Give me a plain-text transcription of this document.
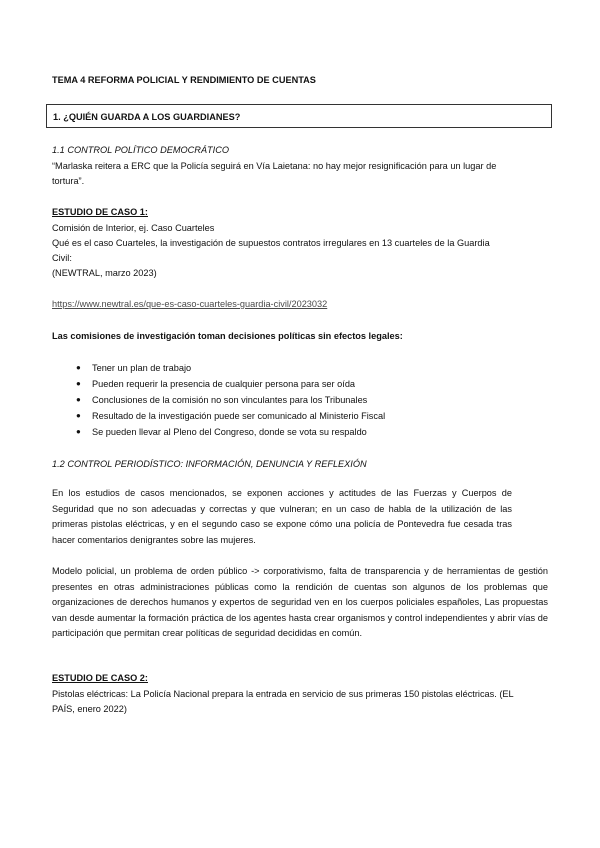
TEMA 4 REFORMA POLICIAL Y RENDIMIENTO DE CUENTAS
1. ¿QUIÉN GUARDA A LOS GUARDIANES?
1.1 CONTROL POLÍTICO DEMOCRÁTICO
“Marlaska reitera a ERC que la Policía seguirá en Vía Laietana: no hay mejor resignificación para un lugar de
tortura”.
ESTUDIO DE CASO 1:
Comisión de Interior, ej. Caso Cuarteles
Qué es el caso Cuarteles, la investigación de supuestos contratos irregulares en 13 cuarteles de la Guardia
Civil:
(NEWTRAL, marzo 2023)
https://www.newtral.es/que-es-caso-cuarteles-guardia-civil/2023032
Las comisiones de investigación toman decisiones políticas sin efectos legales:
● Tener un plan de trabajo
● Pueden requerir la presencia de cualquier persona para ser oída
● Conclusiones de la comisión no son vinculantes para los Tribunales
● Resultado de la investigación puede ser comunicado al Ministerio Fiscal
● Se pueden llevar al Pleno del Congreso, donde se vota su respaldo
1.2 CONTROL PERIODÍSTICO: INFORMACIÓN, DENUNCIA Y REFLEXIÓN
En los estudios de casos mencionados, se exponen acciones y actitudes de las Fuerzas y Cuerpos de Seguridad que no son adecuadas y correctas y que vulneran; en un caso de habla de la utilización de las primeras pistolas eléctricas, y en el segundo caso se expone cómo una policía de Pontevedra fue cesada tras hacer comentarios denigrantes sobre las mujeres.
Modelo policial, un problema de orden público -> corporativismo, falta de transparencia y de herramientas de gestión presentes en otras administraciones públicas como la rendición de cuentas son algunos de los problemas que organizaciones de derechos humanos y expertos de seguridad ven en los cuerpos policiales españoles, Las propuestas van desde aumentar la formación práctica de los agentes hasta crear organismos y control independientes y abrir vías de participación que permitan crear políticas de seguridad decididas en común.
ESTUDIO DE CASO 2:
Pistolas eléctricas: La Policía Nacional prepara la entrada en servicio de sus primeras 150 pistolas eléctricas. (EL
PAÍS, enero 2022)
